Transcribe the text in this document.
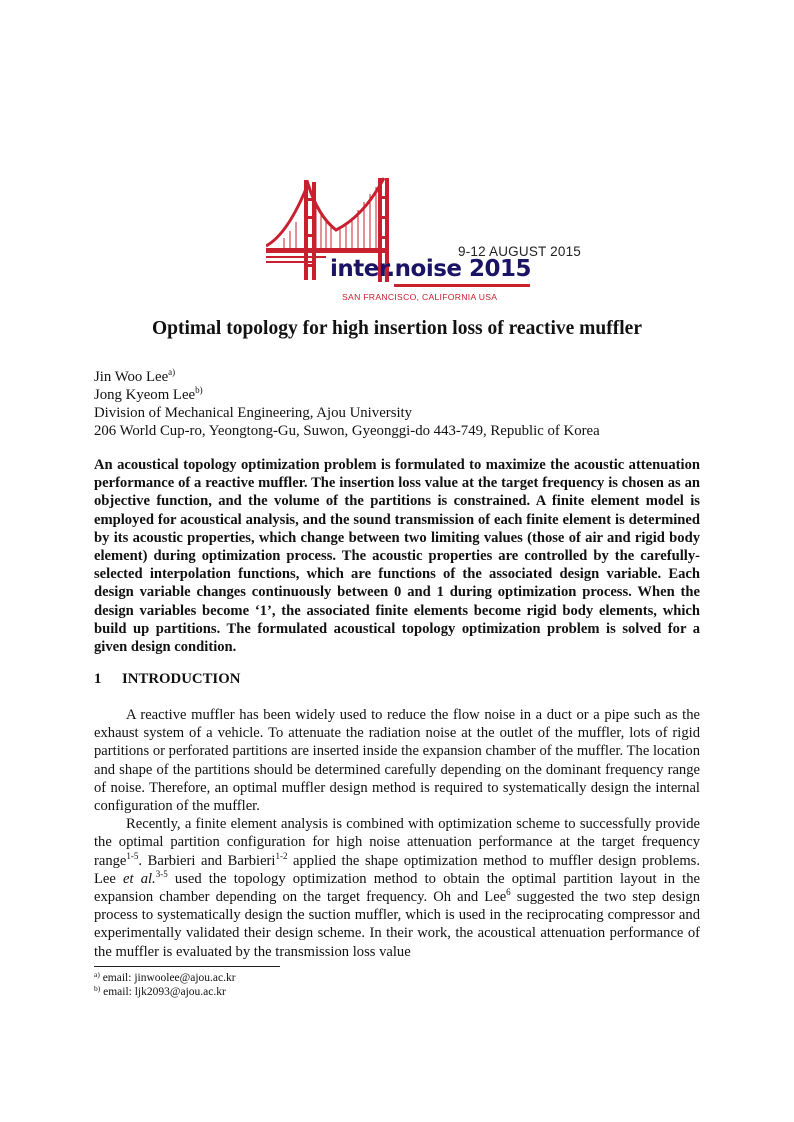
9-12 AUGUST 2015
inter.noise 2015
SAN FRANCISCO, CALIFORNIA USA
Optimal topology for high insertion loss of reactive muffler
Jin Woo Lee$^{a)}$
Jong Kyeom Lee$^{b)}$
Division of Mechanical Engineering, Ajou University
206 World Cup-ro, Yeongtong-Gu, Suwon, Gyeonggi-do 443-749, Republic of Korea

An acoustical topology optimization problem is formulated to maximize the acoustic attenuation performance of a reactive muffler. The insertion loss value at the target frequency is chosen as an objective function, and the volume of the partitions is constrained. A finite element model is employed for acoustical analysis, and the sound transmission of each finite element is determined by its acoustic properties, which change between two limiting values (those of air and rigid body element) during optimization process. The acoustic properties are controlled by the carefully-selected interpolation functions, which are functions of the associated design variable. Each design variable changes continuously between 0 and 1 during optimization process. When the design variables become ‘1’, the associated finite elements become rigid body elements, which build up partitions. The formulated acoustical topology optimization problem is solved for a given design condition.

1 INTRODUCTION

A reactive muffler has been widely used to reduce the flow noise in a duct or a pipe such as the exhaust system of a vehicle. To attenuate the radiation noise at the outlet of the muffler, lots of rigid partitions or perforated partitions are inserted inside the expansion chamber of the muffler. The location and shape of the partitions should be determined carefully depending on the dominant frequency range of noise. Therefore, an optimal muffler design method is required to systematically design the internal configuration of the muffler.

Recently, a finite element analysis is combined with optimization scheme to successfully provide the optimal partition configuration for high noise attenuation performance at the target frequency range$^{1-5}$. Barbieri and Barbieri$^{1-2}$ applied the shape optimization method to muffler design problems. Lee et al.$^{3-5}$ used the topology optimization method to obtain the optimal partition layout in the expansion chamber depending on the target frequency. Oh and Lee$^6$ suggested the two step design process to systematically design the suction muffler, which is used in the reciprocating compressor and experimentally validated their design scheme. In their work, the acoustical attenuation performance of the muffler is evaluated by the transmission loss value

$^{a)}$ email: jinwoolee@ajou.ac.kr
$^{b)}$ email: ljk2093@ajou.ac.kr
